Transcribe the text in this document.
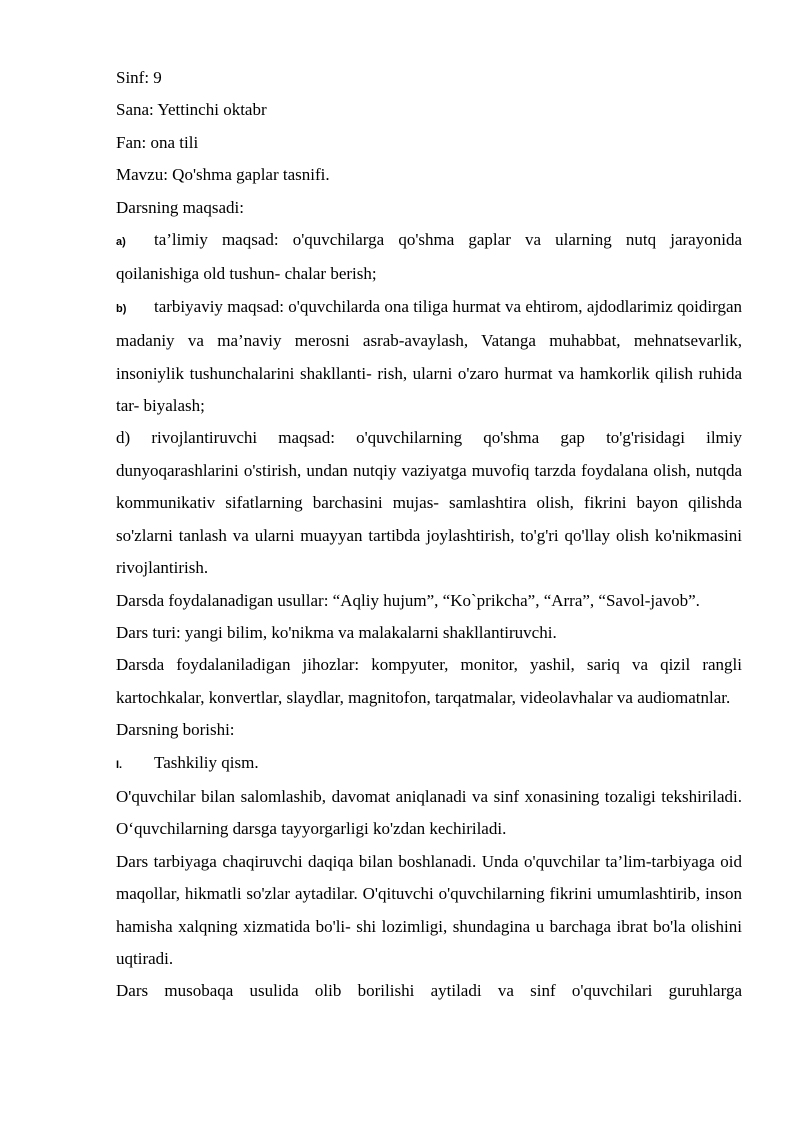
Sinf: 9

Sana: Yettinchi oktabr

Fan: ona tili

Mavzu: Qo'shma gaplar tasnifi.

Darsning maqsadi:

a) ta’limiy maqsad: o'quvchilarga qo'shma gaplar va ularning nutq jarayonida qoilanishiga old tushun- chalar berish;

b) tarbiyaviy maqsad: o'quvchilarda ona tiliga hurmat va ehtirom, ajdodlarimiz qoidirgan madaniy va ma’naviy merosni asrab-avaylash, Vatanga muhabbat, mehnatsevarlik, insoniylik tushunchalarini shakllanti- rish, ularni o'zaro hurmat va hamkorlik qilish ruhida tar- biyalash;

d) rivojlantiruvchi maqsad: o'quvchilarning qo'shma gap to'g'risidagi ilmiy dunyoqarashlarini o'stirish, undan nutqiy vaziyatga muvofiq tarzda foydalana olish, nutqda kommunikativ sifatlarning barchasini mujas- samlashtira olish, fikrini bayon qilishda so'zlarni tanlash va ularni muayyan tartibda joylashtirish, to'g'ri qo'llay olish ko'nikmasini rivojlantirish.

Darsda foydalanadigan usullar: “Aqliy hujum”, “Ko`prikcha”, “Arra”, “Savol-javob”.

Dars turi: yangi bilim, ko'nikma va malakalarni shakllantiruvchi.

Darsda foydalaniladigan jihozlar: kompyuter, monitor, yashil, sariq va qizil rangli kartochkalar, konvertlar, slaydlar, magnitofon, tarqatmalar, videolavhalar va audiomatnlar.

Darsning borishi:

I. Tashkiliy qism.

O'quvchilar bilan salomlashib, davomat aniqlanadi va sinf xonasining tozaligi tekshiriladi. O‘quvchilarning darsga tayyorgarligi ko'zdan kechiriladi.

Dars tarbiyaga chaqiruvchi daqiqa bilan boshlanadi. Unda o'quvchilar ta’lim-tarbiyaga oid maqollar, hikmatli so'zlar aytadilar. O'qituvchi o'quvchilarning fikrini umumlashtirib, inson hamisha xalqning xizmatida bo'li- shi lozimligi, shundagina u barchaga ibrat bo'la olishini uqtiradi.

Dars musobaqa usulida olib borilishi aytiladi va sinf o'quvchilari guruhlarga
